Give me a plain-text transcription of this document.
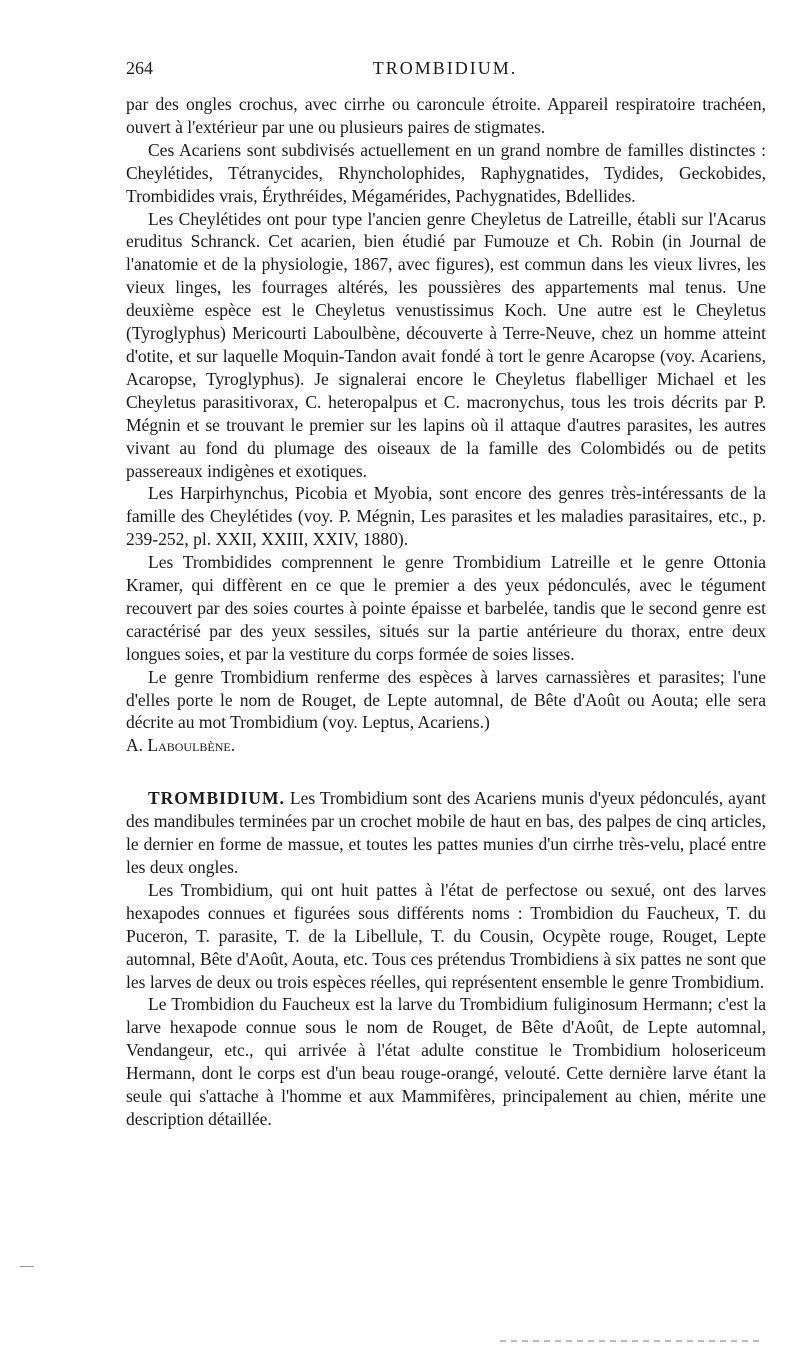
264	TROMBIDIUM.

par des ongles crochus, avec cirrhe ou caroncule étroite. Appareil respiratoire trachéen, ouvert à l'extérieur par une ou plusieurs paires de stigmates.

Ces Acariens sont subdivisés actuellement en un grand nombre de familles distinctes : Cheylétides, Tétranycides, Rhyncholophides, Raphygnatides, Tydides, Geckobides, Trombidides vrais, Érythréides, Mégamérides, Pachygnatides, Bdellides.

Les Cheylétides ont pour type l'ancien genre Cheyletus de Latreille, établi sur l'Acarus eruditus Schranck. Cet acarien, bien étudié par Fumouze et Ch. Robin (in Journal de l'anatomie et de la physiologie, 1867, avec figures), est commun dans les vieux livres, les vieux linges, les fourrages altérés, les poussières des appartements mal tenus. Une deuxième espèce est le Cheyletus venustissimus Koch. Une autre est le Cheyletus (Tyroglyphus) Mericourti Laboulbène, découverte à Terre-Neuve, chez un homme atteint d'otite, et sur laquelle Moquin-Tandon avait fondé à tort le genre Acaropse (voy. Acariens, Acaropse, Tyroglyphus). Je signalerai encore le Cheyletus flabelliger Michael et les Cheyletus parasitivorax, C. heteropalpus et C. macronychus, tous les trois décrits par P. Mégnin et se trouvant le premier sur les lapins où il attaque d'autres parasites, les autres vivant au fond du plumage des oiseaux de la famille des Colombidés ou de petits passereaux indigènes et exotiques.

Les Harpirhynchus, Picobia et Myobia, sont encore des genres très-intéressants de la famille des Cheylétides (voy. P. Mégnin, Les parasites et les maladies parasitaires, etc., p. 239-252, pl. XXII, XXIII, XXIV, 1880).

Les Trombidides comprennent le genre Trombidium Latreille et le genre Ottonia Kramer, qui diffèrent en ce que le premier a des yeux pédonculés, avec le tégument recouvert par des soies courtes à pointe épaisse et barbelée, tandis que le second genre est caractérisé par des yeux sessiles, situés sur la partie antérieure du thorax, entre deux longues soies, et par la vestiture du corps formée de soies lisses.

Le genre Trombidium renferme des espèces à larves carnassières et parasites; l'une d'elles porte le nom de Rouget, de Lepte automnal, de Bête d'Août ou Aouta; elle sera décrite au mot Trombidium (voy. Leptus, Acariens.)

A. Laboulbène.

TROMBIDIUM. Les Trombidium sont des Acariens munis d'yeux pédonculés, ayant des mandibules terminées par un crochet mobile de haut en bas, des palpes de cinq articles, le dernier en forme de massue, et toutes les pattes munies d'un cirrhe très-velu, placé entre les deux ongles.

Les Trombidium, qui ont huit pattes à l'état de perfectose ou sexué, ont des larves hexapodes connues et figurées sous différents noms : Trombidion du Faucheux, T. du Puceron, T. parasite, T. de la Libellule, T. du Cousin, Ocypète rouge, Rouget, Lepte automnal, Bête d'Août, Aouta, etc. Tous ces prétendus Trombidiens à six pattes ne sont que les larves de deux ou trois espèces réelles, qui représentent ensemble le genre Trombidium.

Le Trombidion du Faucheux est la larve du Trombidium fuliginosum Hermann; c'est la larve hexapode connue sous le nom de Rouget, de Bête d'Août, de Lepte automnal, Vendangeur, etc., qui arrivée à l'état adulte constitue le Trombidium holosericeum Hermann, dont le corps est d'un beau rouge-orangé, velouté. Cette dernière larve étant la seule qui s'attache à l'homme et aux Mammifères, principalement au chien, mérite une description détaillée.
